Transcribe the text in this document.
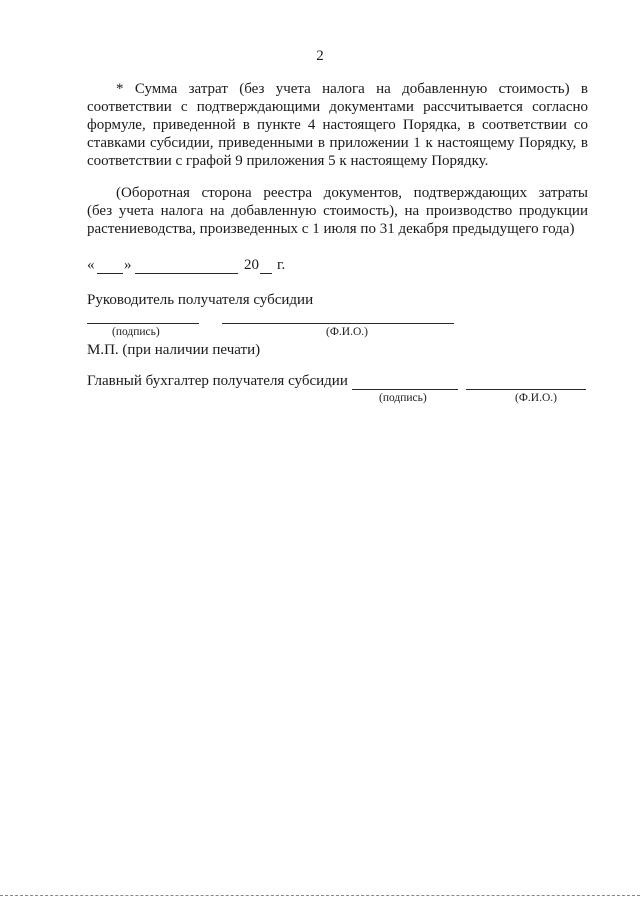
2
* Сумма затрат (без учета налога на добавленную стоимость) в
соответствии с подтверждающими документами рассчитывается согласно
формуле, приведенной в пункте 4 настоящего Порядка, в соответствии со
ставками субсидии, приведенными в приложении 1 к настоящему Порядку, в
соответствии с графой 9 приложения 5 к настоящему Порядку.
(Оборотная сторона реестра документов, подтверждающих затраты
(без учета налога на добавленную стоимость), на производство продукции
растениеводства, произведенных с 1 июля по 31 декабря предыдущего года)
« »	20 г.
Руководитель получателя субсидии
(подпись)	(Ф.И.О.)
М.П. (при наличии печати)
Главный бухгалтер получателя субсидии
(подпись)	(Ф.И.О.)
